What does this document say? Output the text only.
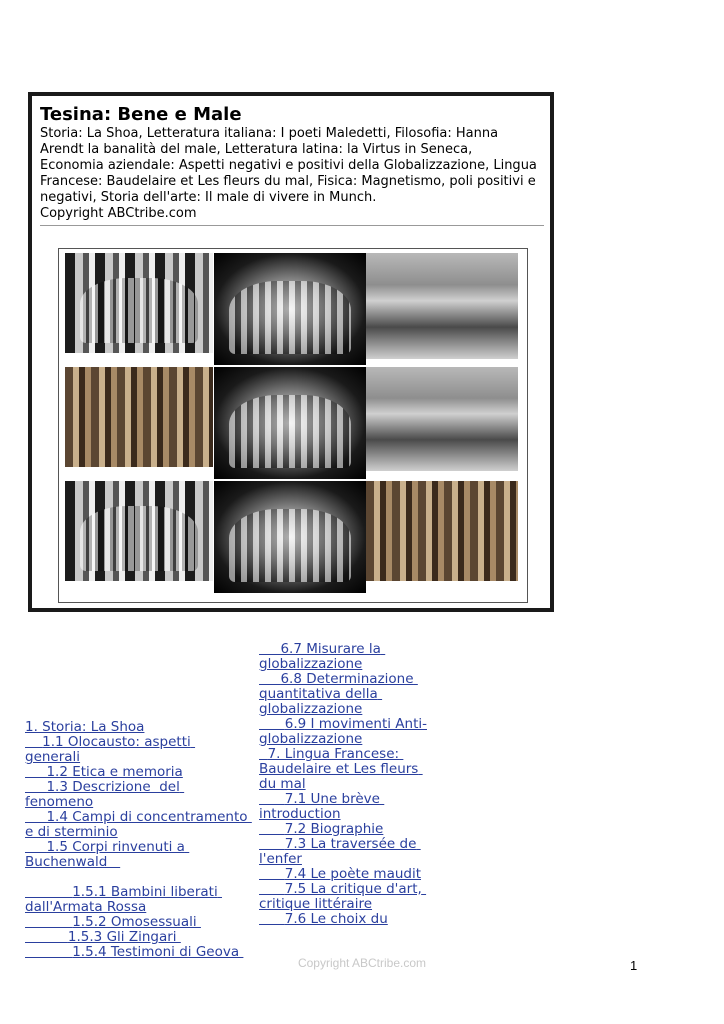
Tesina: Bene e Male

Storia: La Shoa, Letteratura italiana: I poeti Maledetti, Filosofia: Hanna Arendt la banalità del male, Letteratura latina: la Virtus in Seneca, Economia aziendale: Aspetti negativi e positivi della Globalizzazione, Lingua Francese: Baudelaire et Les fleurs du mal, Fisica: Magnetismo, poli positivi e negativi, Storia dell'arte: Il male di vivere in Munch.
Copyright ABCtribe.com

1. Storia: La Shoa
1.1 Olocausto: aspetti generali
1.2 Etica e memoria
1.3 Descrizione  del fenomeno
1.4 Campi di concentramento e di sterminio
1.5 Corpi rinvenuti a Buchenwald
1.5.1 Bambini liberati dall'Armata Rossa
1.5.2 Omosessuali
1.5.3 Gli Zingari
1.5.4 Testimoni di Geova
6.7 Misurare la globalizzazione
6.8 Determinazione quantitativa della globalizzazione
6.9 I movimenti Anti-globalizzazione
7. Lingua Francese: Baudelaire et Les fleurs du mal
7.1 Une brève introduction
7.2 Biographie
7.3 La traversée de l'enfer
7.4 Le poète maudit
7.5 La critique d'art, critique littéraire
7.6 Le choix du
Copyright ABCtribe.com	1
